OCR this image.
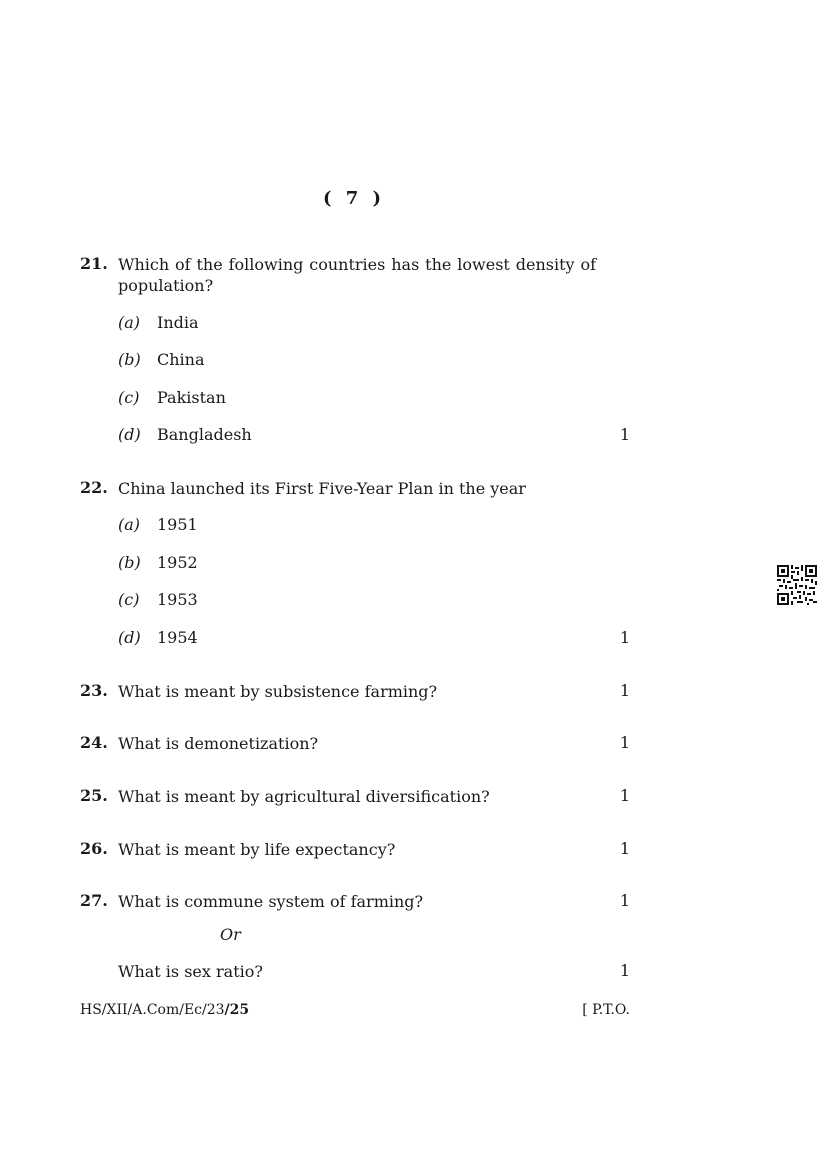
( 7 )
21. Which of the following countries has the lowest density of population?
(a) India
(b) China
(c) Pakistan
(d) Bangladesh	1
22. China launched its First Five-Year Plan in the year
(a) 1951
(b) 1952
(c) 1953
(d) 1954	1
23. What is meant by subsistence farming?	1
24. What is demonetization?	1
25. What is meant by agricultural diversification?	1
26. What is meant by life expectancy?	1
27. What is commune system of farming?	1
Or
What is sex ratio?	1
HS/XII/A.Com/Ec/23/25	[ P.T.O.
